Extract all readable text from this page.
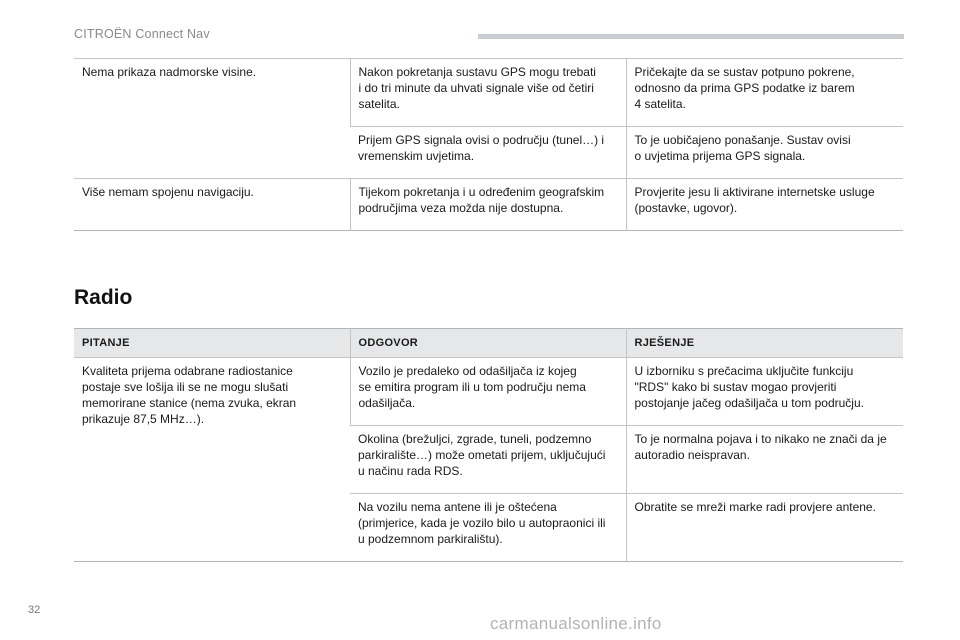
CITROËN Connect Nav
Nema prikaza nadmorske visine.	Nakon pokretanja sustavu GPS mogu trebati
i do tri minute da uhvati signale više od četiri
satelita.	Pričekajte da se sustav potpuno pokrene,
odnosno da prima GPS podatke iz barem
4 satelita.

	Prijem GPS signala ovisi o području (tunel…) i
vremenskim uvjetima.	To je uobičajeno ponašanje. Sustav ovisi
o uvjetima prijema GPS signala.

Više nemam spojenu navigaciju.	Tijekom pokretanja i u određenim geografskim
područjima veza možda nije dostupna.	Provjerite jesu li aktivirane internetske usluge
(postavke, ugovor).
Radio
PITANJE	ODGOVOR	RJEŠENJE

Kvaliteta prijema odabrane radiostanice
postaje sve lošija ili se ne mogu slušati
memorirane stanice (nema zvuka, ekran
prikazuje 87,5 MHz…).	Vozilo je predaleko od odašiljača iz kojeg
se emitira program ili u tom području nema
odašiljača.	U izborniku s prečacima uključite funkciju
"RDS" kako bi sustav mogao provjeriti
postojanje jačeg odašiljača u tom području.

	Okolina (brežuljci, zgrade, tuneli, podzemno
parkiralište…) može ometati prijem, uključujući
u načinu rada RDS.	To je normalna pojava i to nikako ne znači da je
autoradio neispravan.

	Na vozilu nema antene ili je oštećena
(primjerice, kada je vozilo bilo u autopraonici ili
u podzemnom parkiralištu).	Obratite se mreži marke radi provjere antene.
32
carmanualsonline.info
